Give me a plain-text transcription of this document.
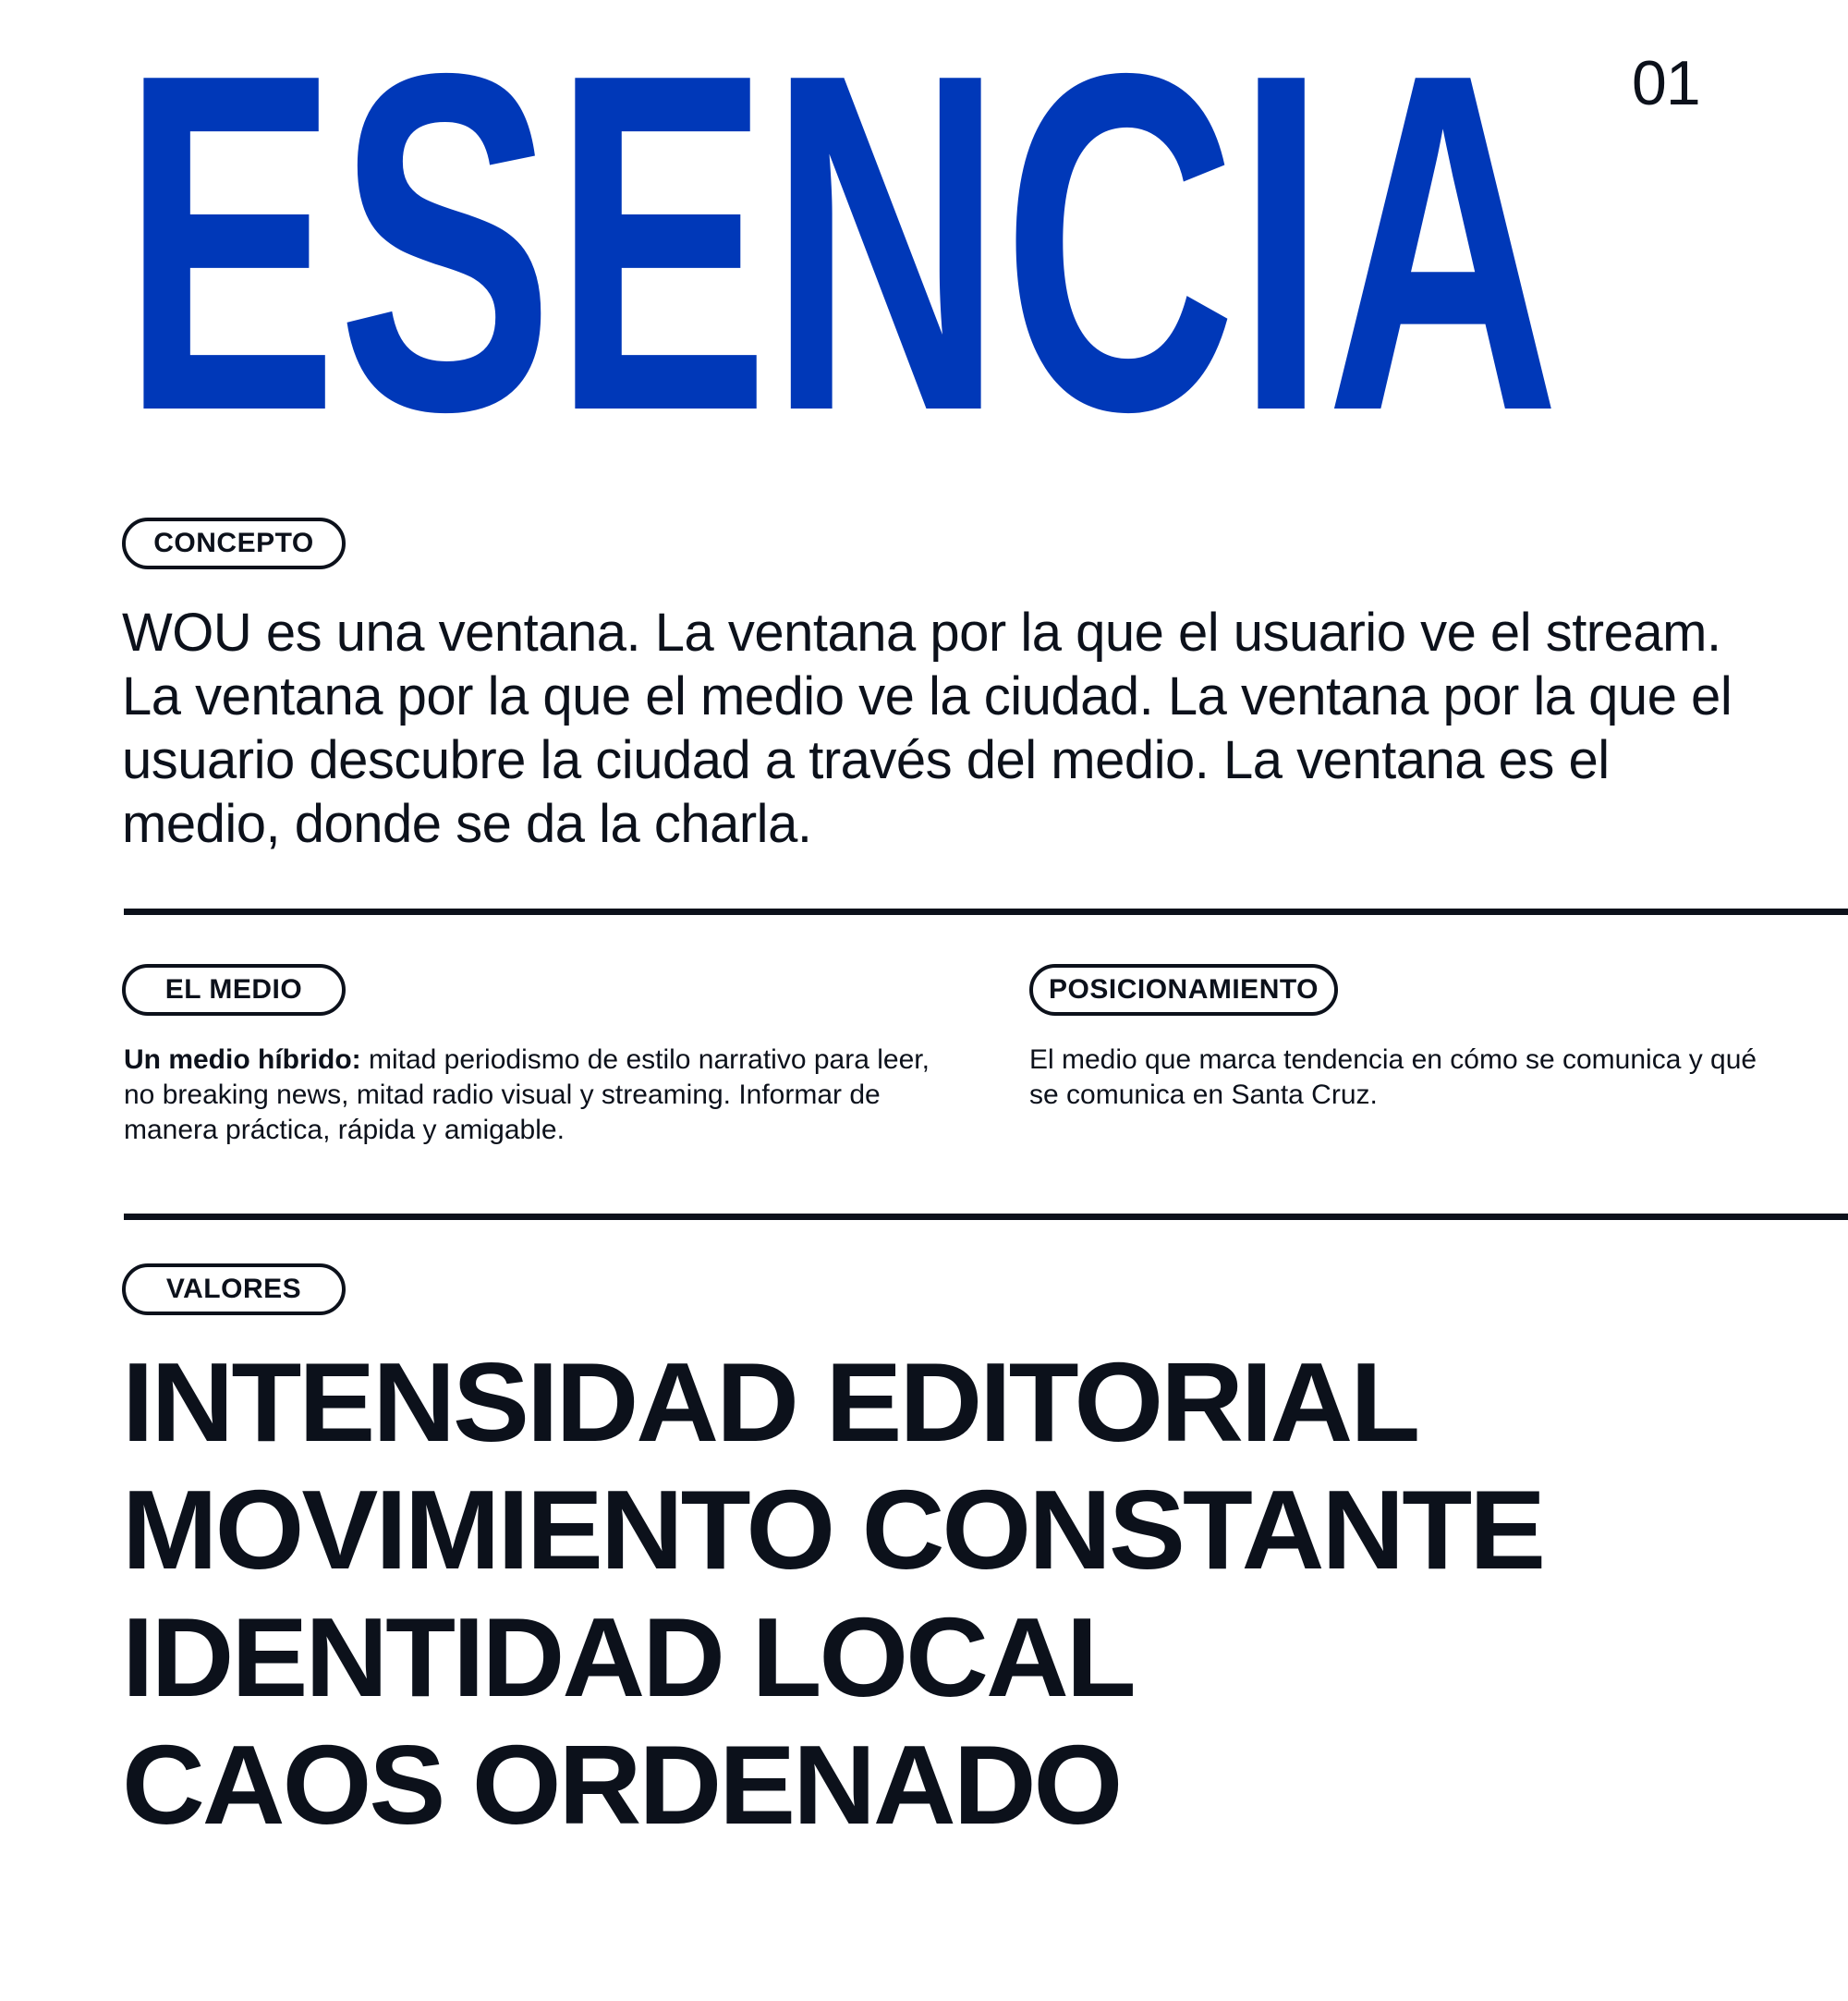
ESENCIA 01
CONCEPTO

WOU es una ventana. La ventana por la que el usuario ve el stream. La ventana por la que el medio ve la ciudad. La ventana por la que el usuario descubre la ciudad a través del medio. La ventana es el medio, donde se da la charla.

EL MEDIO	POSICIONAMIENTO

Un medio híbrido: mitad periodismo de estilo narrativo para leer, no breaking news, mitad radio visual y streaming. Informar de manera práctica, rápida y amigable.

El medio que marca tendencia en cómo se comunica y qué se comunica en Santa Cruz.

VALORES
INTENSIDAD EDITORIAL
MOVIMIENTO CONSTANTE
IDENTIDAD LOCAL
CAOS ORDENADO
